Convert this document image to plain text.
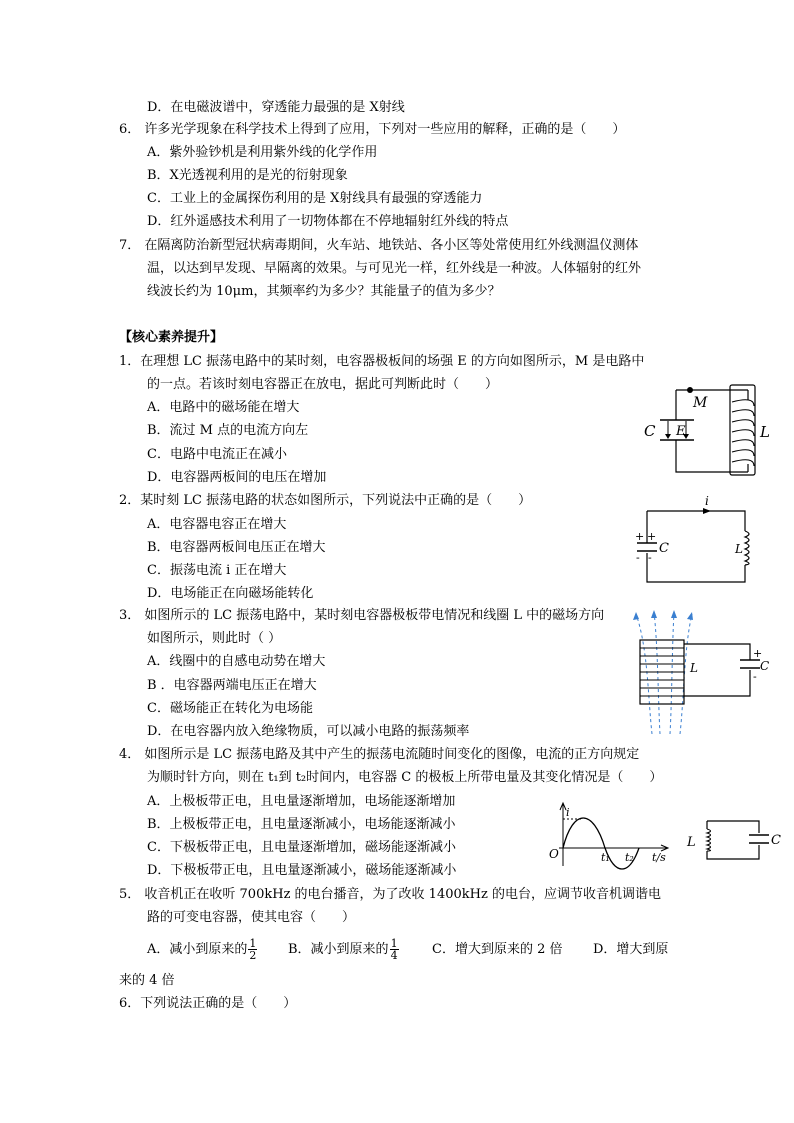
D．在电磁波谱中，穿透能力最强的是 X射线
6． 许多光学现象在科学技术上得到了应用，下列对一些应用的解释，正确的是（　　）
A．紫外验钞机是利用紫外线的化学作用
B．X光透视利用的是光的衍射现象
C．工业上的金属探伤利用的是 X射线具有最强的穿透能力
D．红外遥感技术利用了一切物体都在不停地辐射红外线的特点
7． 在隔离防治新型冠状病毒期间，火车站、地铁站、各小区等处常使用红外线测温仪测体
温，以达到早发现、早隔离的效果。与可见光一样，红外线是一种波。人体辐射的红外
线波长约为 10μm，其频率约为多少？其能量子的值为多少？
【核心素养提升】
1．在理想 LC 振荡电路中的某时刻，电容器极板间的场强 E 的方向如图所示，M 是电路中
的一点。若该时刻电容器正在放电，据此可判断此时（　　）
A．电路中的磁场能在增大
B．流过 M 点的电流方向左
C．电路中电流正在减小
D．电容器两板间的电压在增加
M
C E	L
2．某时刻 LC 振荡电路的状态如图所示，下列说法中正确的是（　　）
A．电容器电容正在增大
B．电容器两板间电压正在增大
C．振荡电流 i 正在增大
D．电场能正在向磁场能转化
i
C	L
+ +
- -
3． 如图所示的 LC 振荡电路中，某时刻电容器极板带电情况和线圈 L 中的磁场方向
如图所示，则此时（ ）
A．线圈中的自感电动势在增大
B ．电容器两端电压正在增大
C．磁场能正在转化为电场能
D．在电容器内放入绝缘物质，可以减小电路的振荡频率
L	C
+
-
4． 如图所示是 LC 振荡电路及其中产生的振荡电流随时间变化的图像，电流的正方向规定
为顺时针方向，则在 t₁到 t₂时间内，电容器 C 的极板上所带电量及其变化情况是（　　）
A．上极板带正电，且电量逐渐增加，电场能逐渐增加
B．上极板带正电，且电量逐渐减小，电场能逐渐减小
C．下极板带正电，且电量逐渐增加，磁场能逐渐减小
D．下极板带正电，且电量逐渐减小，磁场能逐渐减小
i
O	t₁ t₂ t/s
L	C
5． 收音机正在收听 700kHz 的电台播音，为了改收 1400kHz 的电台，应调节收音机调谐电
路的可变电容器，使其电容（　　）
A．减小到原来的 $\frac{1}{2}$ B．减小到原来的 $\frac{1}{4}$	C．增大到原来的 2 倍 D．增大到原
来的 4 倍
6．下列说法正确的是（　　）
